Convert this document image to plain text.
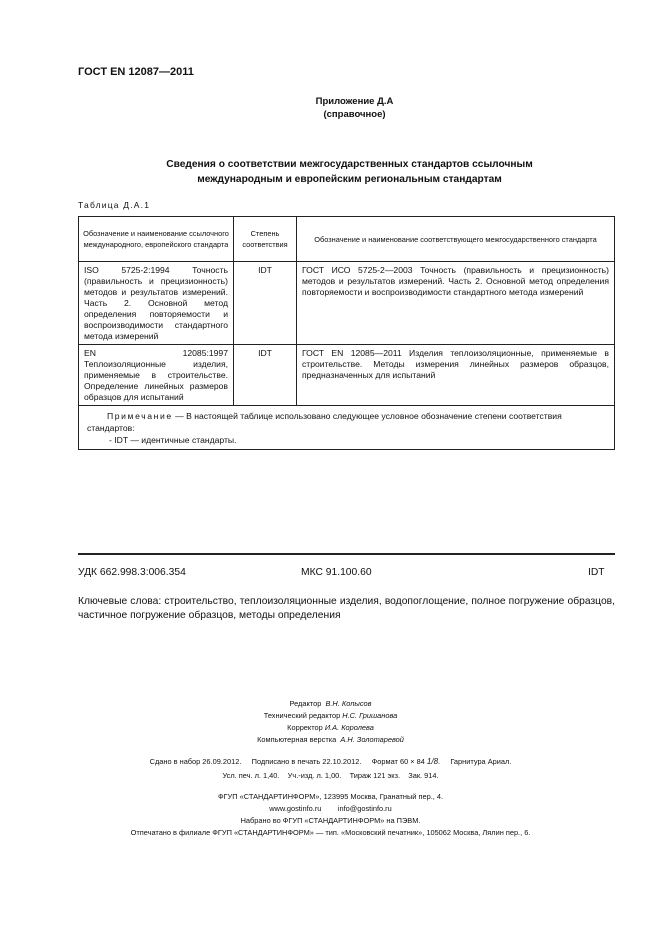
ГОСТ EN 12087—2011
Приложение Д.А
(справочное)
Сведения о соответствии межгосударственных стандартов ссылочным
международным и европейским региональным стандартам
Таблица Д.А.1
Обозначение и наименование ссылочного международного, европейского стандарта	Степень соответствия	Обозначение и наименование соответствующего межгосударственного стандарта
ISO 5725-2:1994 Точность (правильность и прецизионность) методов и результатов измерений. Часть 2. Основной метод определения повторяемости и воспроизводимости стандартного метода измерений	IDT	ГОСТ ИСО 5725-2—2003 Точность (правильность и прецизионность) методов и результатов измерений. Часть 2. Основной метод определения повторяемости и воспроизводимости стандартного метода измерений
EN 12085:1997 Теплоизоляционные изделия, применяемые в строительстве. Определение линейных размеров образцов для испытаний	IDT	ГОСТ EN 12085—2011 Изделия теплоизоляционные, применяемые в строительстве. Методы измерения линейных размеров образцов, предназначенных для испытаний

Примечание — В настоящей таблице использовано следующее условное обозначение степени соответствия стандартов:

- IDT — идентичные стандарты.		

УДК 662.998.3:006.354	МКС 91.100.60	IDT
Ключевые слова: строительство, теплоизоляционные изделия, водопоглощение, полное погружение образцов, частичное погружение образцов, методы определения
Редактор В.Н. Копысов
Технический редактор Н.С. Гришанова
Корректор И.А. Королева
Компьютерная верстка А.Н. Золотаревой
Сдано в набор 26.09.2012. Подписано в печать 22.10.2012. Формат 60 × 84 1/8.     Гарнитура Ариал.
Усл. печ. л. 1,40. Уч.-изд. л. 1,00. Тираж 121 экз. Зак. 914.
ФГУП «СТАНДАРТИНФОРМ», 123995 Москва, Гранатный пер., 4.
www.gostinfo.ru info@gostinfo.ru
Набрано во ФГУП «СТАНДАРТИНФОРМ» на ПЭВМ.
Отпечатано в филиале ФГУП «СТАНДАРТИНФОРМ» — тип. «Московский печатник», 105062 Москва, Лялин пер., 6.
